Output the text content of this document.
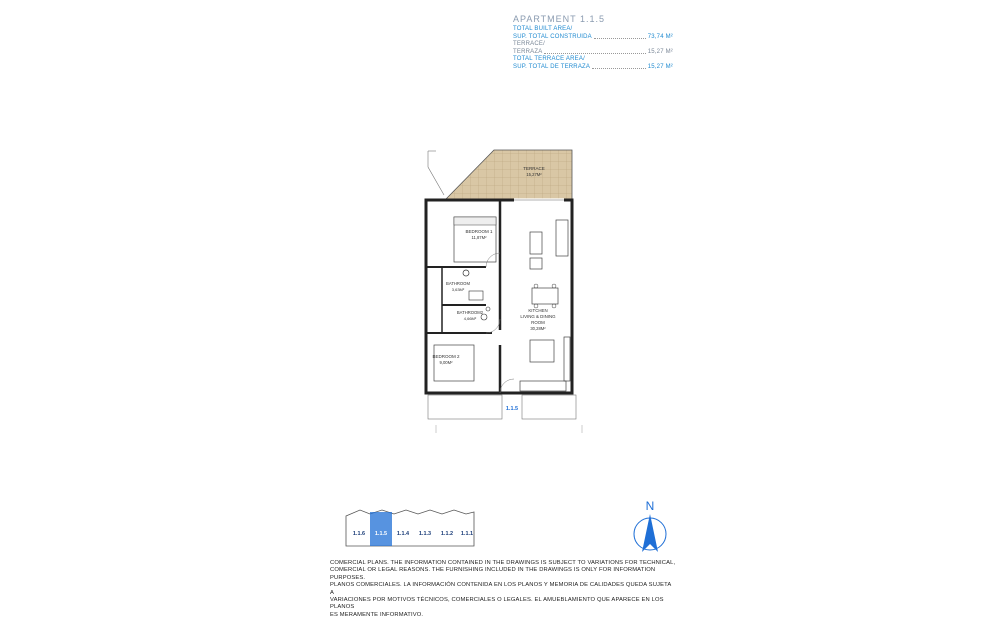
APARTMENT 1.1.5
TOTAL BUILT AREA/
SUP. TOTAL CONSTRUIDA	73,74 M²
TERRACE/
TERRAZA	15,27 M²
TOTAL TERRACE AREA/
SUP. TOTAL DE TERRAZA	15,27 M²
TERRACE
15,27M²
BEDROOM 1
11,87M²
BATHROOM
3,63M²
BATHROOM2
4,66M²
BEDROOM 2
9,00M²
KITCHEN
LIVING & DINING
ROOM
30,28M²
1.1.5
1.1.6 1.1.5 1.1.4 1.1.3 1.1.2 1.1.1
N
COMERCIAL PLANS. THE INFORMATION CONTAINED IN THE DRAWINGS IS SUBJECT TO VARIATIONS FOR TECHNICAL,
COMERCIAL OR LEGAL REASONS. THE FURNISHING INCLUDED IN THE DRAWINGS IS ONLY FOR INFORMATION PURPOSES.
PLANOS COMERCIALES. LA INFORMACIÓN CONTENIDA EN LOS PLANOS Y MEMORIA DE CALIDADES QUEDA SUJETA A
VARIACIONES POR MOTIVOS TÉCNICOS, COMERCIALES O LEGALES. EL AMUEBLAMIENTO QUE APARECE EN LOS PLANOS
ES MERAMENTE INFORMATIVO.
